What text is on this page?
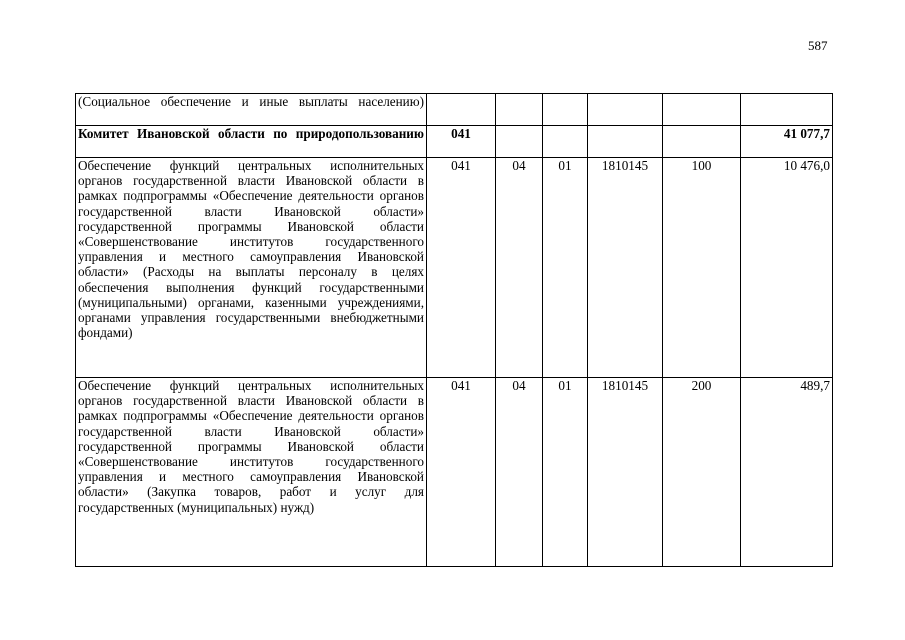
587
(Социальное обеспечение и иные выплаты населению)						
Комитет Ивановской области по природопользованию	041					41 077,7
Обеспечение функций центральных исполнительных органов государственной власти Ивановской области в рамках подпрограммы «Обеспечение деятельности органов государственной власти Ивановской области» государственной программы Ивановской области «Совершенствование институтов государственного управления и местного самоуправления Ивановской области» (Расходы на выплаты персоналу в целях обеспечения выполнения функций государственными (муниципальными) органами, казенными учреждениями, органами управления государственными внебюджетными фондами)	041	04	01	1810145	100	10 476,0
Обеспечение функций центральных исполнительных органов государственной власти Ивановской области в рамках подпрограммы «Обеспечение деятельности органов государственной власти Ивановской области» государственной программы Ивановской области «Совершенствование институтов государственного управления и местного самоуправления Ивановской области» (Закупка товаров, работ и услуг для государственных (муниципальных) нужд)	041	04	01	1810145	200	489,7
